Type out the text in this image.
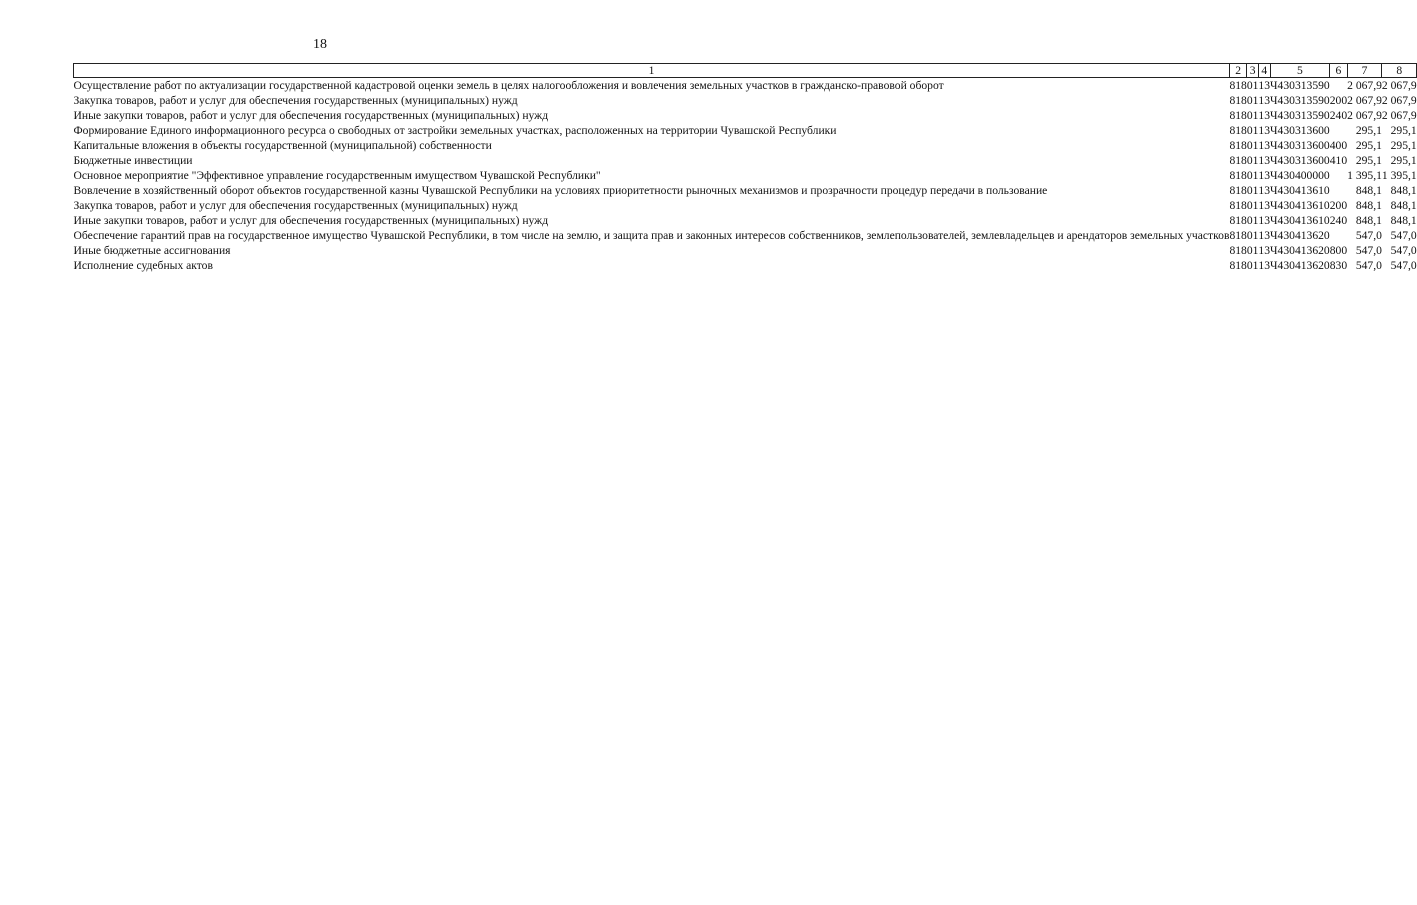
18
1	2	3	4	5	6	7	8
Осуществление работ по актуализации государственной кадастровой оценки земель в целях налогообложения и вовлечения земельных участков в гражданско-правовой оборот	818	01	13	Ч430313590		2 067,9	2 067,9
Закупка товаров, работ и услуг для обеспечения государственных (муниципальных) нужд	818	01	13	Ч430313590	200	2 067,9	2 067,9
Иные закупки товаров, работ и услуг для обеспечения государственных (муниципальных) нужд	818	01	13	Ч430313590	240	2 067,9	2 067,9
Формирование Единого информационного ресурса о свободных от застройки земельных участках, расположенных на территории Чувашской Республики	818	01	13	Ч430313600		295,1	295,1
Капитальные вложения в объекты государственной (муниципальной) собственности	818	01	13	Ч430313600	400	295,1	295,1
Бюджетные инвестиции	818	01	13	Ч430313600	410	295,1	295,1
Основное мероприятие "Эффективное управление государственным имуществом Чувашской Республики"	818	01	13	Ч430400000		1 395,1	1 395,1
Вовлечение в хозяйственный оборот объектов государственной казны Чувашской Республики на условиях приоритетности рыночных механизмов и прозрачности процедур передачи в пользование	818	01	13	Ч430413610		848,1	848,1
Закупка товаров, работ и услуг для обеспечения государственных (муниципальных) нужд	818	01	13	Ч430413610	200	848,1	848,1
Иные закупки товаров, работ и услуг для обеспечения государственных (муниципальных) нужд	818	01	13	Ч430413610	240	848,1	848,1
Обеспечение гарантий прав на государственное имущество Чувашской Республики, в том числе на землю, и защита прав и законных интересов собственников, землепользователей, землевладельцев и арендаторов земельных участков	818	01	13	Ч430413620		547,0	547,0
Иные бюджетные ассигнования	818	01	13	Ч430413620	800	547,0	547,0
Исполнение судебных актов	818	01	13	Ч430413620	830	547,0	547,0
